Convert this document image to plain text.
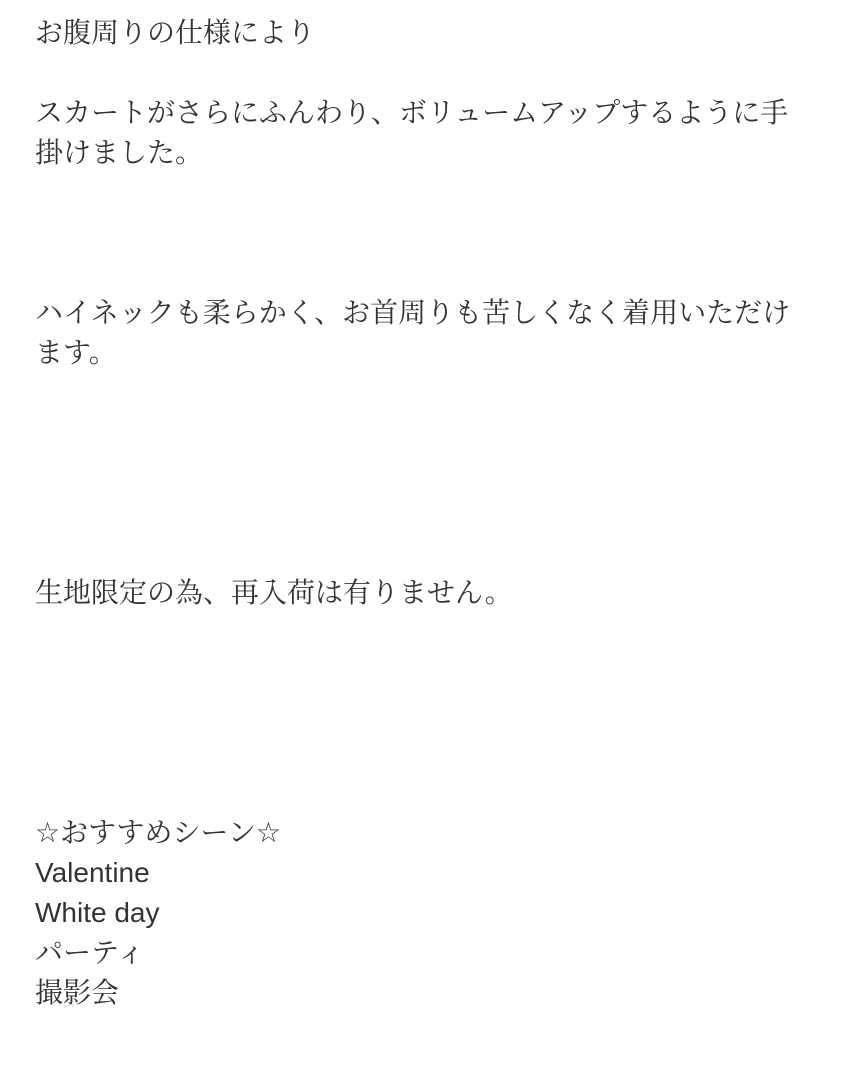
お腹周りの仕様により

スカートがさらにふんわり、ボリュームアップするように手掛けました。

ハイネックも柔らかく、お首周りも苦しくなく着用いただけます。

生地限定の為、再入荷は有りません。

☆おすすめシーン☆

Valentine

White day

パーティ

撮影会
